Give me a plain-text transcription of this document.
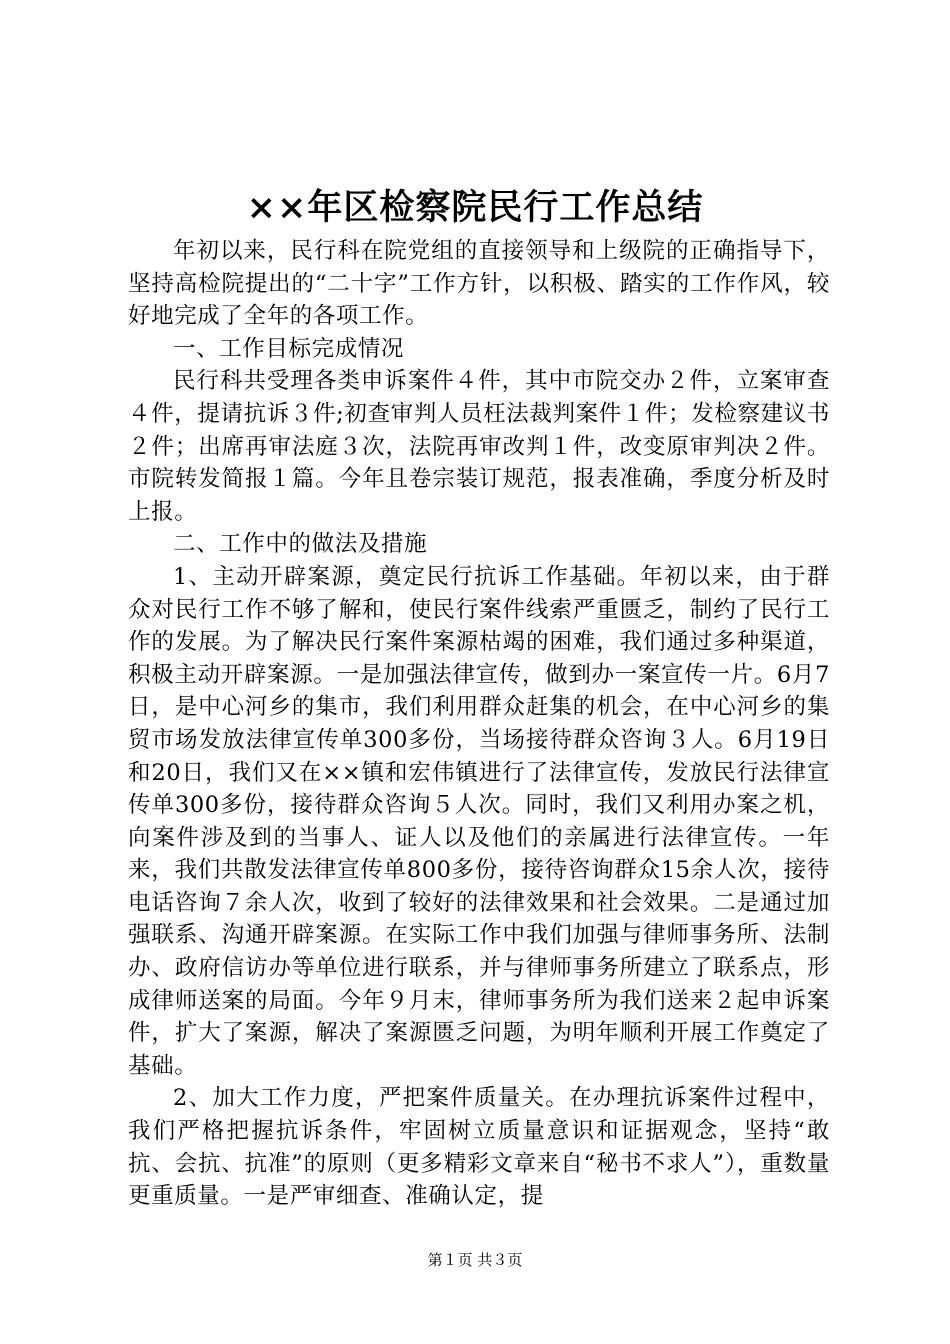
××年区检察院民行工作总结

年初以来，民行科在院党组的直接领导和上级院的正确指导下，坚持高检院提出的“二十字”工作方针，以积极、踏实的工作作风，较好地完成了全年的各项工作。

一、工作目标完成情况

民行科共受理各类申诉案件４件，其中市院交办２件，立案审查４件，提请抗诉３件;初查审判人员枉法裁判案件１件；发检察建议书２件；出席再审法庭３次，法院再审改判１件，改变原审判决２件。市院转发简报１篇。今年且卷宗装订规范，报表准确，季度分析及时上报。

二、工作中的做法及措施

1、主动开辟案源，奠定民行抗诉工作基础。年初以来，由于群众对民行工作不够了解和，使民行案件线索严重匮乏，制约了民行工作的发展。为了解决民行案件案源枯竭的困难，我们通过多种渠道，积极主动开辟案源。一是加强法律宣传，做到办一案宣传一片。6月7日，是中心河乡的集市，我们利用群众赶集的机会，在中心河乡的集贸市场发放法律宣传单300多份，当场接待群众咨询３人。6月19日和20日，我们又在××镇和宏伟镇进行了法律宣传，发放民行法律宣传单300多份，接待群众咨询５人次。同时，我们又利用办案之机，向案件涉及到的当事人、证人以及他们的亲属进行法律宣传。一年来，我们共散发法律宣传单800多份，接待咨询群众15余人次，接待电话咨询７余人次，收到了较好的法律效果和社会效果。二是通过加强联系、沟通开辟案源。在实际工作中我们加强与律师事务所、法制办、政府信访办等单位进行联系，并与律师事务所建立了联系点，形成律师送案的局面。今年９月末，律师事务所为我们送来２起申诉案件，扩大了案源，解决了案源匮乏问题，为明年顺利开展工作奠定了基础。

2、加大工作力度，严把案件质量关。在办理抗诉案件过程中，我们严格把握抗诉条件，牢固树立质量意识和证据观念，坚持“敢抗、会抗、抗准”的原则（更多精彩文章来自“秘书不求人”），重数量更重质量。一是严审细查、准确认定，提

第１页 共３页
